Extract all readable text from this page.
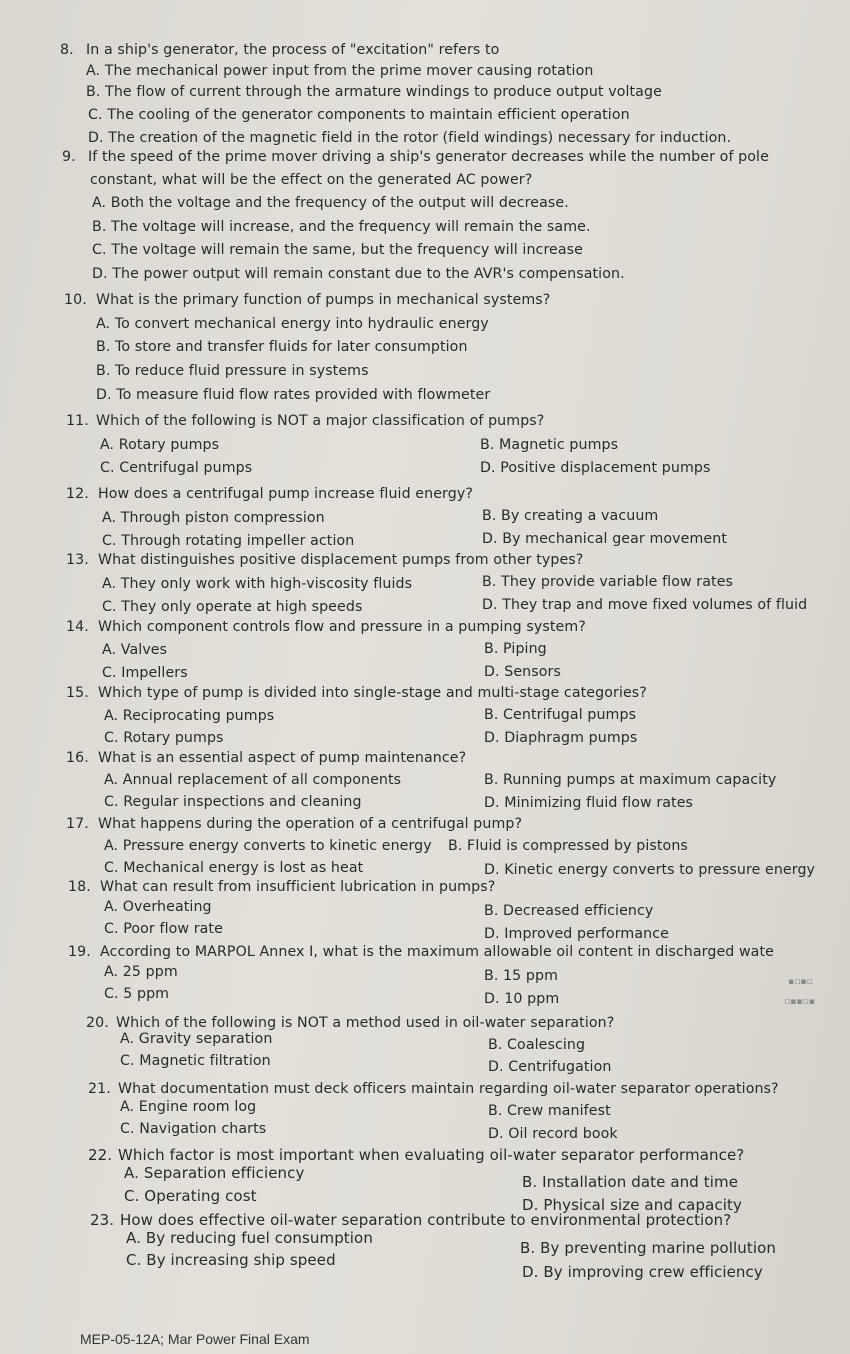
8. In a ship's generator, the process of "excitation" refers to
A. The mechanical power input from the prime mover causing rotation
B. The flow of current through the armature windings to produce output voltage
C. The cooling of the generator components to maintain efficient operation
D. The creation of the magnetic field in the rotor (field windings) necessary for induction.
9. If the speed of the prime mover driving a ship's generator decreases while the number of pole
constant, what will be the effect on the generated AC power?
A. Both the voltage and the frequency of the output will decrease.
B. The voltage will increase, and the frequency will remain the same.
C. The voltage will remain the same, but the frequency will increase
D. The power output will remain constant due to the AVR's compensation.
10. What is the primary function of pumps in mechanical systems?
A. To convert mechanical energy into hydraulic energy
B. To store and transfer fluids for later consumption
B. To reduce fluid pressure in systems
D. To measure fluid flow rates provided with flowmeter
11. Which of the following is NOT a major classification of pumps?
A. Rotary pumps	B. Magnetic pumps
C. Centrifugal pumps	D. Positive displacement pumps
12. How does a centrifugal pump increase fluid energy?
A. Through piston compression	B. By creating a vacuum
C. Through rotating impeller action	D. By mechanical gear movement
13. What distinguishes positive displacement pumps from other types?
A. They only work with high-viscosity fluids	B. They provide variable flow rates
C. They only operate at high speeds	D. They trap and move fixed volumes of fluid
14. Which component controls flow and pressure in a pumping system?
A. Valves	B. Piping
C. Impellers	D. Sensors
15. Which type of pump is divided into single-stage and multi-stage categories?
A. Reciprocating pumps	B. Centrifugal pumps
C. Rotary pumps	D. Diaphragm pumps
16. What is an essential aspect of pump maintenance?
A. Annual replacement of all components	B. Running pumps at maximum capacity
C. Regular inspections and cleaning	D. Minimizing fluid flow rates
17. What happens during the operation of a centrifugal pump?
A. Pressure energy converts to kinetic energy B. Fluid is compressed by pistons
C. Mechanical energy is lost as heat	D. Kinetic energy converts to pressure energy
18. What can result from insufficient lubrication in pumps?
A. Overheating	B. Decreased efficiency
C. Poor flow rate	D. Improved performance
19. According to MARPOL Annex I, what is the maximum allowable oil content in discharged wate
A. 25 ppm	B. 15 ppm
C. 5 ppm	D. 10 ppm
▪▫▪▫
▫▪▪▫▪
20. Which of the following is NOT a method used in oil-water separation?
A. Gravity separation	B. Coalescing
C. Magnetic filtration	D. Centrifugation
21. What documentation must deck officers maintain regarding oil-water separator operations?
A. Engine room log	B. Crew manifest
C. Navigation charts	D. Oil record book
22. Which factor is most important when evaluating oil-water separator performance?
A. Separation efficiency	B. Installation date and time
C. Operating cost	D. Physical size and capacity
23. How does effective oil-water separation contribute to environmental protection?
A. By reducing fuel consumption
B. By preventing marine pollution
C. By increasing ship speed
D. By improving crew efficiency
MEP-05-12A; Mar Power Final Exam
